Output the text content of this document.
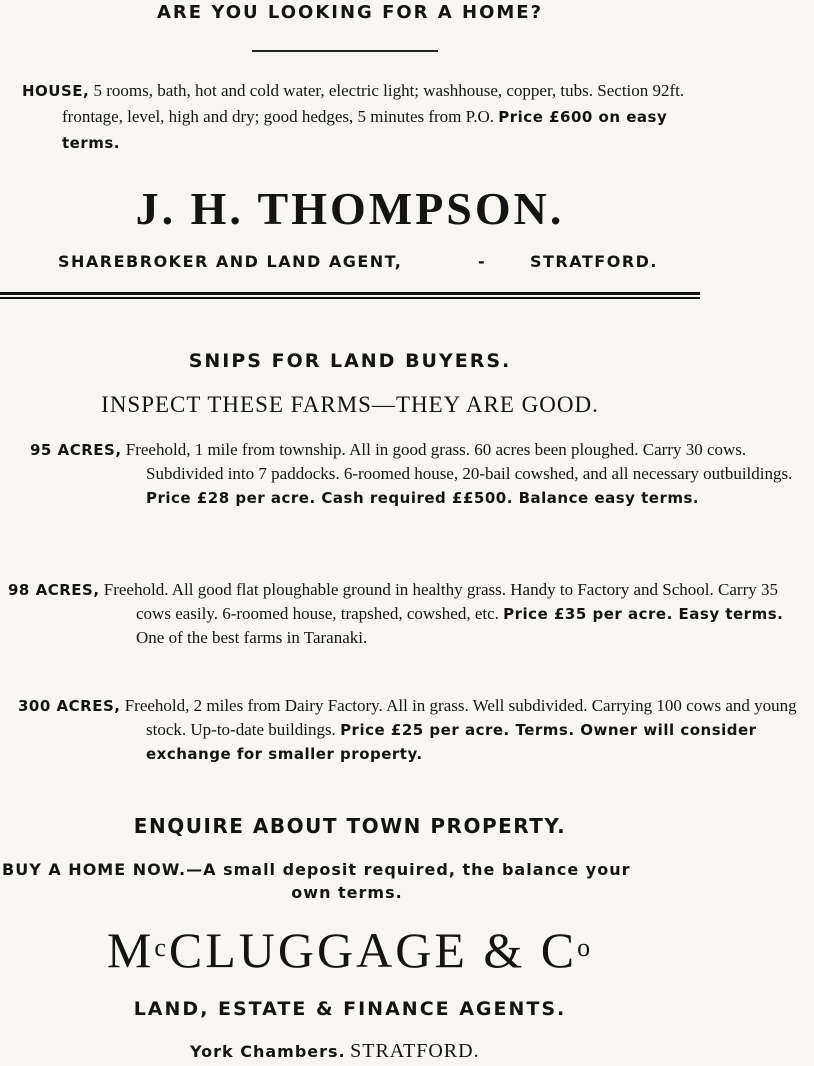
ARE YOU LOOKING FOR A HOME?
HOUSE, 5 rooms, bath, hot and cold water, electric light; washhouse, copper, tubs. Section 92ft. frontage, level, high and dry; good hedges, 5 minutes from P.O. Price £600 on easy terms.
J. H. THOMPSON.
SHAREBROKER AND LAND AGENT,	-	STRATFORD.
SNIPS FOR LAND BUYERS.
INSPECT THESE FARMS—THEY ARE GOOD.
95 ACRES, Freehold, 1 mile from township. All in good grass. 60 acres been ploughed. Carry 30 cows. Subdivided into 7 paddocks. 6-roomed house, 20-bail cowshed, and all necessary outbuildings. Price £28 per acre. Cash required ££500. Balance easy terms.
98 ACRES, Freehold. All good flat ploughable ground in healthy grass. Handy to Factory and School. Carry 35 cows easily. 6-roomed house, trapshed, cowshed, etc. Price £35 per acre. Easy terms. One of the best farms in Taranaki.
300 ACRES, Freehold, 2 miles from Dairy Factory. All in grass. Well subdivided. Carrying 100 cows and young stock. Up-to-date buildings. Price £25 per acre. Terms. Owner will consider exchange for smaller property.
ENQUIRE ABOUT TOWN PROPERTY.
BUY A HOME NOW.—A small deposit required, the balance your
own terms.
$M^cCLUGGAGE$ & $C^o$
LAND, ESTATE & FINANCE AGENTS.
York Chambers. STRATFORD.
